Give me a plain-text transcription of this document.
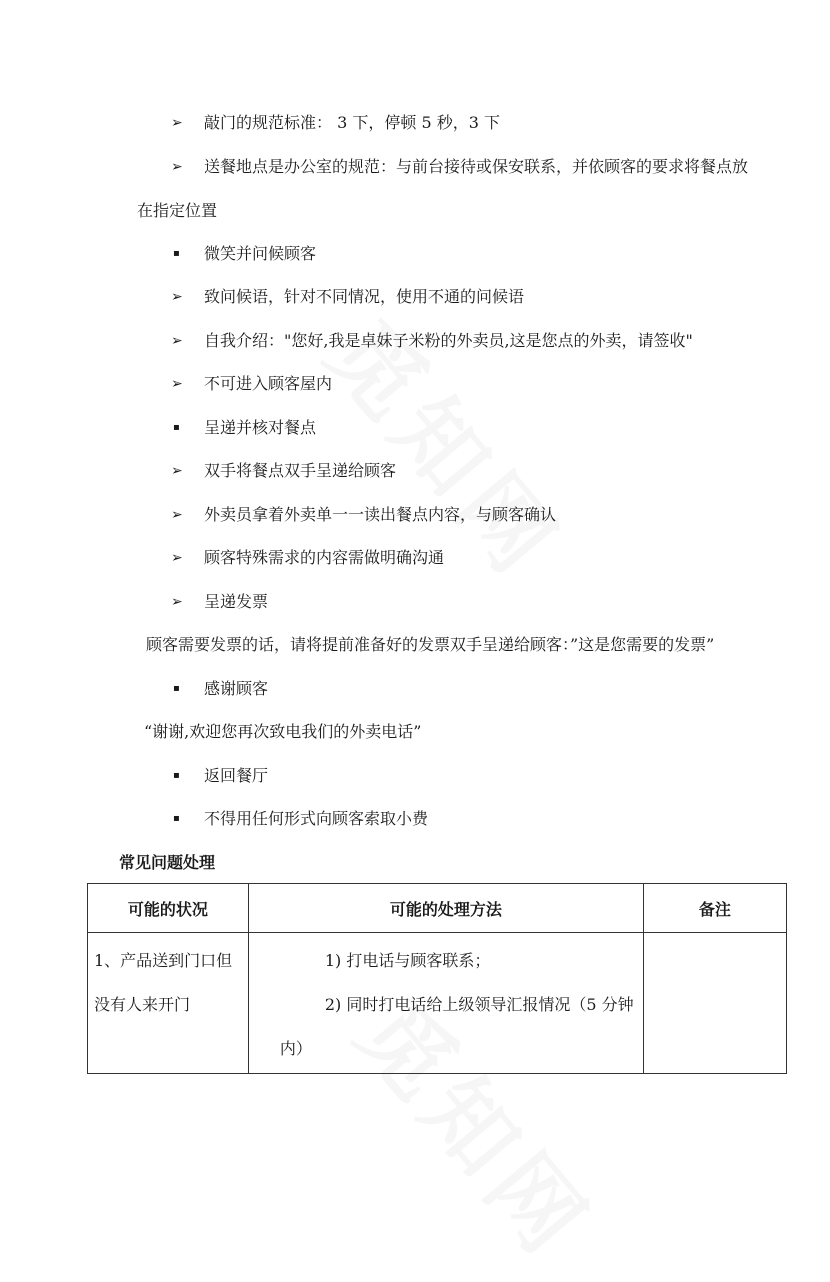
➢ 敲门的规范标准： 3 下，停顿 5 秒，3 下
➢ 送餐地点是办公室的规范：与前台接待或保安联系，并依顾客的要求将餐点放
在指定位置
▪ 微笑并问候顾客
➢ 致问候语，针对不同情况，使用不通的问候语
➢ 自我介绍："您好,我是卓妹子米粉的外卖员,这是您点的外卖，请签收"
➢ 不可进入顾客屋内
▪ 呈递并核对餐点
➢ 双手将餐点双手呈递给顾客
➢ 外卖员拿着外卖单一一读出餐点内容，与顾客确认
➢ 顾客特殊需求的内容需做明确沟通
➢ 呈递发票
顾客需要发票的话，请将提前准备好的发票双手呈递给顾客：”这是您需要的发票”
▪ 感谢顾客
“谢谢,欢迎您再次致电我们的外卖电话”
▪ 返回餐厅
▪ 不得用任何形式向顾客索取小费
常见问题处理
可能的状况	可能的处理方法	备注

1、产品送到门口但
没有人来开门	1) 打电话与顾客联系；
2) 同时打电话给上级领导汇报情况（5 分钟
内）	
